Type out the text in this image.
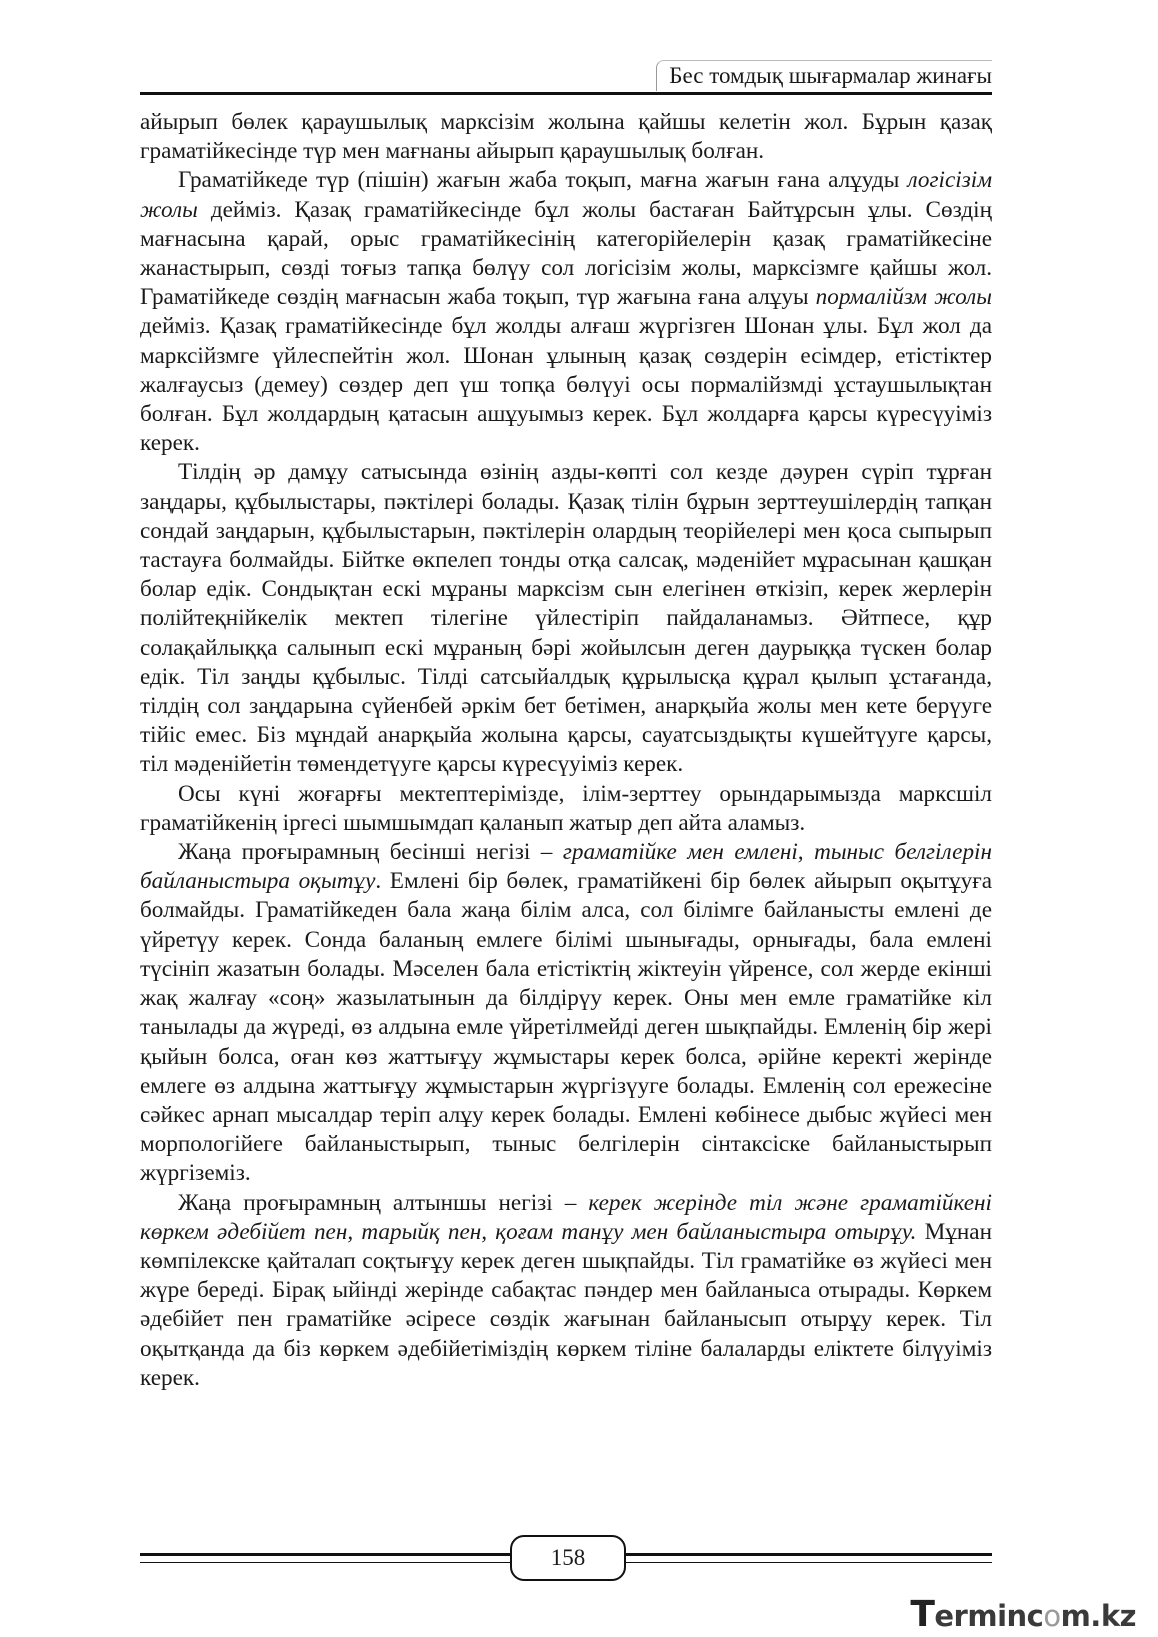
Бес томдық шығармалар жинағы

айырып бөлек қараушылық марксізім жолына қайшы келетін жол. Бұрын қазақ граматійкесінде түр мен мағнаны айырып қараушылық болған.

Граматійкеде түр (пішін) жағын жаба тоқып, мағна жағын ғана алұуды логісізім жолы дейміз. Қазақ граматійкесінде бұл жолы бастаған Байтұрсын ұлы. Сөздің мағнасына қарай, орыс граматійкесінің категорійелерін қазақ граматійкесіне жанастырып, сөзді тоғыз тапқа бөлүу сол логісізім жолы, марксізмге қайшы жол. Граматійкеде сөздің мағнасын жаба тоқып, түр жағына ғана алұуы пормалійзм жолы дейміз. Қазақ граматійкесінде бұл жолды алғаш жүргізген Шонан ұлы. Бұл жол да марксійзмге үйлеспейтін жол. Шонан ұлының қазақ сөздерін есімдер, етістіктер жалғаусыз (демеу) сөздер деп үш топқа бөлүуі осы пормалійзмді ұстаушылықтан болған. Бұл жолдардың қатасын ашұуымыз керек. Бұл жолдарға қарсы күресүуіміз керек.

Тілдің әр дамұу сатысында өзінің азды-көпті сол кезде дәурен сүріп тұрған заңдары, құбылыстары, пәктілері болады. Қазақ тілін бұрын зерттеушілердің тапқан сондай заңдарын, құбылыстарын, пәктілерін олардың теорійелері мен қоса сыпырып тастауға болмайды. Бійтке өкпелеп тонды отқа салсақ, мәденійет мұрасынан қашқан болар едік. Сондықтан ескі мұраны марксізм сын елегінен өткізіп, керек жерлерін полійтеқнійкелік мектеп тілегіне үйлестіріп пайдаланамыз. Әйтпесе, құр солақайлыққа салынып ескі мұраның бәрі жойылсын деген даурыққа түскен болар едік. Тіл заңды құбылыс. Тілді сатсыйалдық құрылысқа құрал қылып ұстағанда, тілдің сол заңдарына сүйенбей әркім бет бетімен, анарқыйа жолы мен кете берүуге тійіс емес. Біз мұндай анарқыйа жолына қарсы, сауатсыздықты күшейтүуге қарсы, тіл мәденійетін төмендетүуге қарсы күресүуіміз керек.

Осы күні жоғарғы мектептерімізде, ілім-зерттеу орындарымызда марксшіл граматійкенің іргесі шымшымдап қаланып жатыр деп айта аламыз.

Жаңа проғырамның бесінші негізі – граматійке мен емлені, тыныс белгілерін байланыстыра оқытұу. Емлені бір бөлек, граматійкені бір бөлек айырып оқытұуға болмайды. Граматійкеден бала жаңа білім алса, сол білімге байланысты емлені де үйретүу керек. Сонда баланың емлеге білімі шынығады, орнығады, бала емлені түсініп жазатын болады. Мәселен бала етістіктің жіктеуін үйренсе, сол жерде екінші жақ жалғау «соң» жазылатынын да білдірүу керек. Оны мен емле граматійке кіл танылады да жүреді, өз алдына емле үйретілмейді деген шықпайды. Емленің бір жері қыйын болса, оған көз жаттығұу жұмыстары керек болса, әрійне керекті жерінде емлеге өз алдына жаттығұу жұмыстарын жүргізүуге болады. Емленің сол ережесіне сәйкес арнап мысалдар теріп алұу керек болады. Емлені көбінесе дыбыс жүйесі мен морпологійеге байланыстырып, тыныс белгілерін сінтаксіске байланыстырып жүргіземіз.

Жаңа проғырамның алтыншы негізі – керек жерінде тіл және граматійкені көркем әдебійет пен, тарыйқ пен, қоғам танұу мен байланыстыра отырұу. Мұнан көмпілекске қайталап соқтығұу керек деген шықпайды. Тіл граматійке өз жүйесі мен жүре береді. Бірақ ыйінді жерінде сабақтас пәндер мен байланыса отырады. Көркем әдебійет пен граматійке әсіресе сөздік жағынан байланысып отырұу керек. Тіл оқытқанда да біз көркем әдебійетіміздің көркем тіліне балаларды еліктете білүуіміз керек.

158
Termincom.kz
